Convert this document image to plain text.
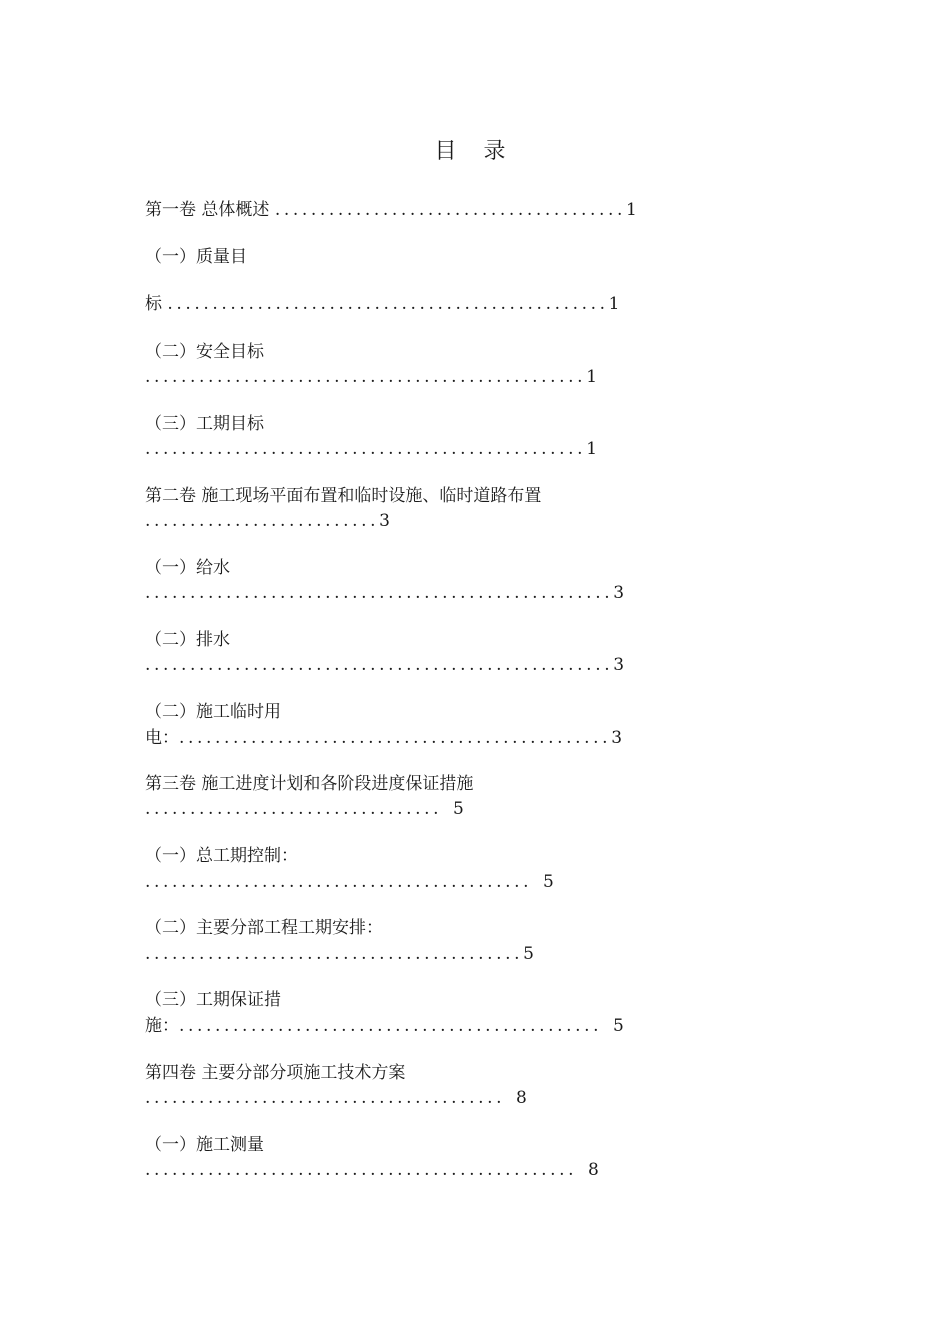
目 录
第一卷 总体概述 .......................................1
（一）质量目
标 .................................................1
（二）安全目标
.................................................1
（三）工期目标
.................................................1
第二卷 施工现场平面布置和临时设施、临时道路布置
..........................3
（一）给水
....................................................3
（二）排水
....................................................3
（二）施工临时用
电：................................................3
第三卷 施工进度计划和各阶段进度保证措施
.................................  5
（一）总工期控制：
...........................................  5
（二）主要分部工程工期安排：
..........................................5
（三）工期保证措
施：...............................................  5
第四卷 主要分部分项施工技术方案
........................................  8
（一）施工测量
................................................  8
